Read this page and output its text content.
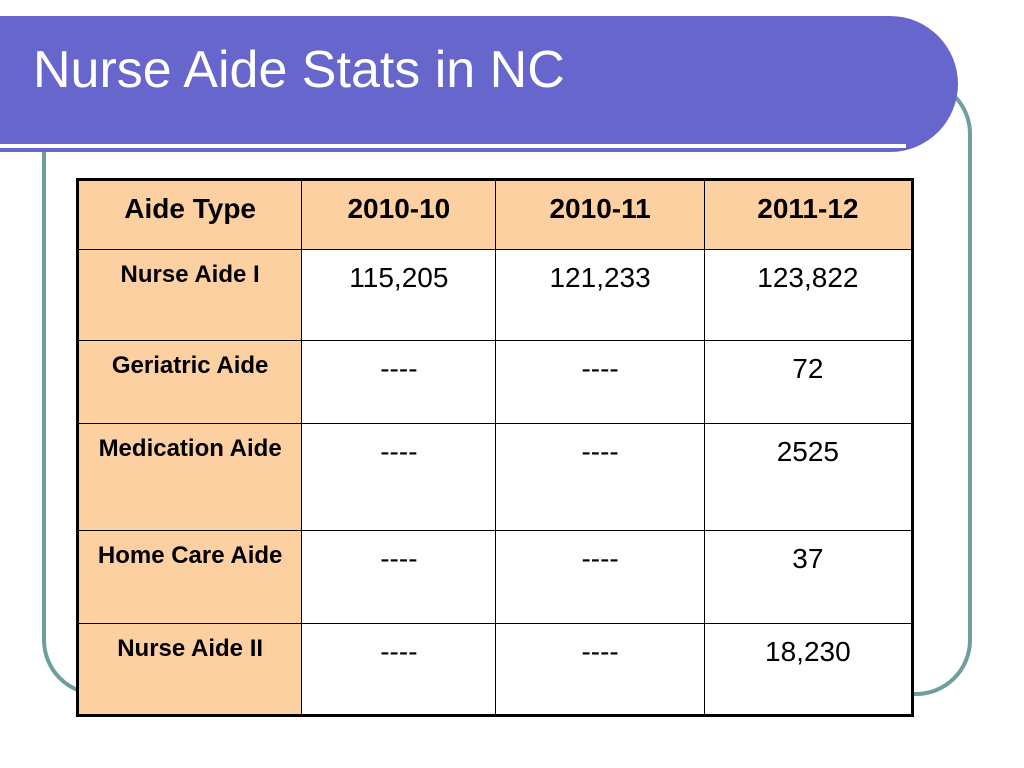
Nurse Aide Stats in NC
Aide Type	2010-10	2010-11	2011-12
Nurse Aide I	115,205	121,233	123,822
Geriatric Aide	----	----	72
Medication Aide	----	----	2525
Home Care Aide	----	----	37
Nurse Aide II	----	----	18,230
